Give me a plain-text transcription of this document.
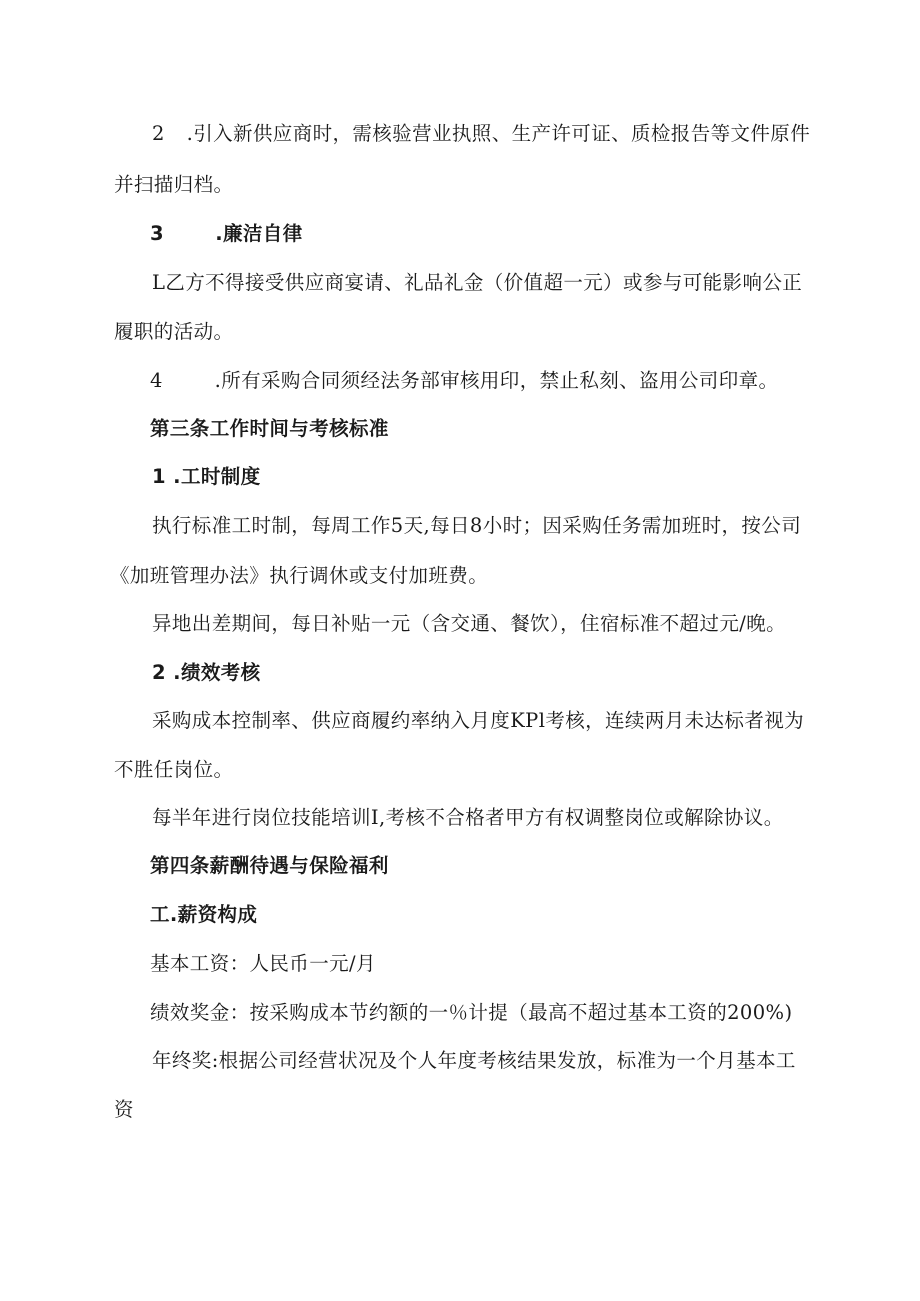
2 .引入新供应商时，需核验营业执照、生产许可证、质检报告等文件原件
并扫描归档。
3	.廉洁自律
L乙方不得接受供应商宴请、礼品礼金（价值超一元）或参与可能影响公正
履职的活动。
4	.所有采购合同须经法务部审核用印，禁止私刻、盗用公司印章。
第三条工作时间与考核标准
1 .工时制度
执行标准工时制，每周工作5天,每日8小时；因采购任务需加班时，按公司
《加班管理办法》执行调休或支付加班费。
异地出差期间，每日补贴一元（含交通、餐饮），住宿标准不超过元/晚。
2 .绩效考核
采购成本控制率、供应商履约率纳入月度KPl考核，连续两月未达标者视为
不胜任岗位。
每半年进行岗位技能培训I,考核不合格者甲方有权调整岗位或解除协议。
第四条薪酬待遇与保险福利
工.薪资构成
基本工资：人民币一元/月
绩效奖金：按采购成本节约额的一％计提（最高不超过基本工资的200%)
年终奖:根据公司经营状况及个人年度考核结果发放，标准为一个月基本工
资
